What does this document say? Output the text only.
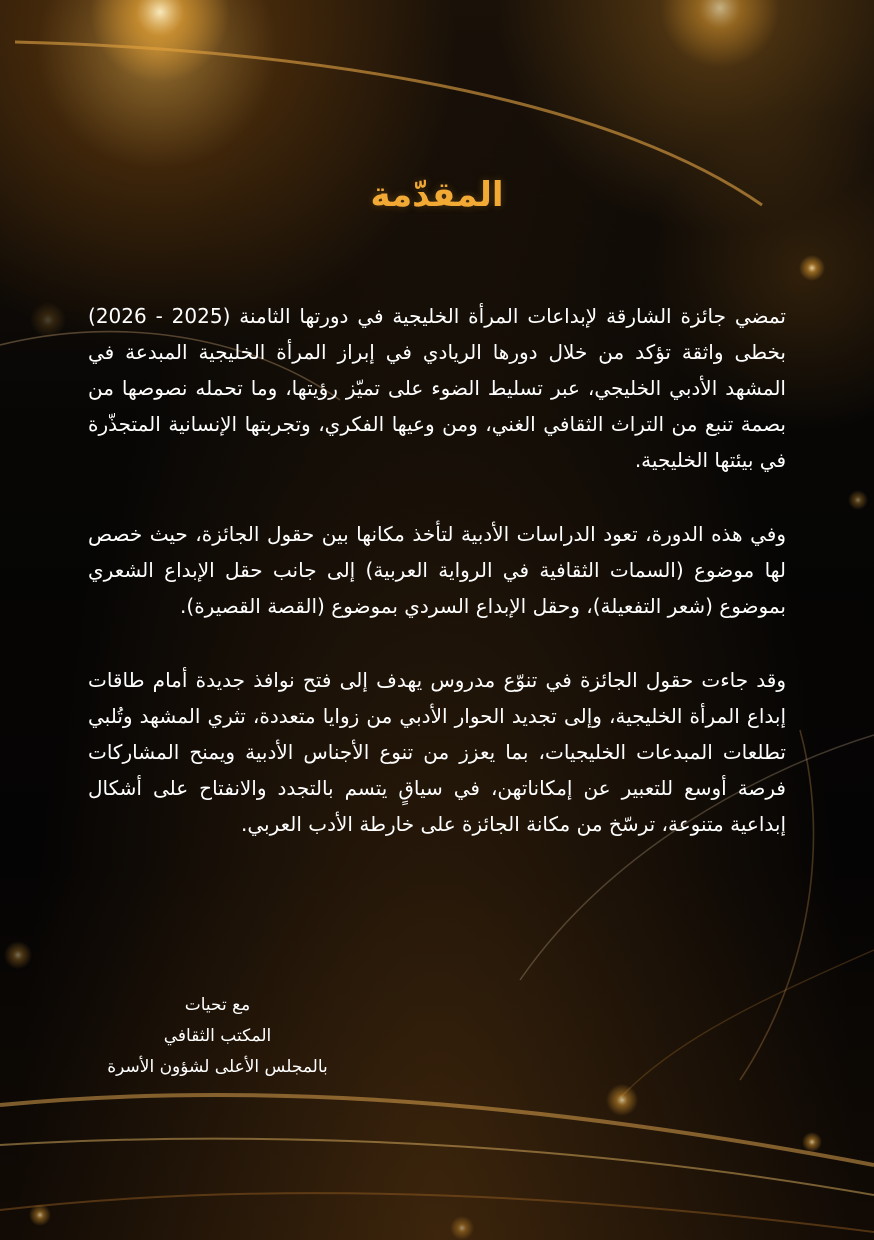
المقدّمة

تمضي جائزة الشارقة لإبداعات المرأة الخليجية في دورتها الثامنة (2025 - 2026) بخطى واثقة تؤكد من خلال دورها الريادي في إبراز المرأة الخليجية المبدعة في المشهد الأدبي الخليجي، عبر تسليط الضوء على تميّز رؤيتها، وما تحمله نصوصها من بصمة تنبع من التراث الثقافي الغني، ومن وعيها الفكري، وتجربتها الإنسانية المتجذّرة في بيئتها الخليجية.

وفي هذه الدورة، تعود الدراسات الأدبية لتأخذ مكانها بين حقول الجائزة، حيث خصص لها موضوع (السمات الثقافية في الرواية العربية) إلى جانب حقل الإبداع الشعري بموضوع (شعر التفعيلة)، وحقل الإبداع السردي بموضوع (القصة القصيرة).

وقد جاءت حقول الجائزة في تنوّع مدروس يهدف إلى فتح نوافذ جديدة أمام طاقات إبداع المرأة الخليجية، وإلى تجديد الحوار الأدبي من زوايا متعددة، تثري المشهد وتُلبي تطلعات المبدعات الخليجيات، بما يعزز من تنوع الأجناس الأدبية ويمنح المشاركات فرصة أوسع للتعبير عن إمكاناتهن، في سياقٍ يتسم بالتجدد والانفتاح على أشكال إبداعية متنوعة، ترسّخ من مكانة الجائزة على خارطة الأدب العربي.

مع تحيات
المكتب الثقافي
بالمجلس الأعلى لشؤون الأسرة
